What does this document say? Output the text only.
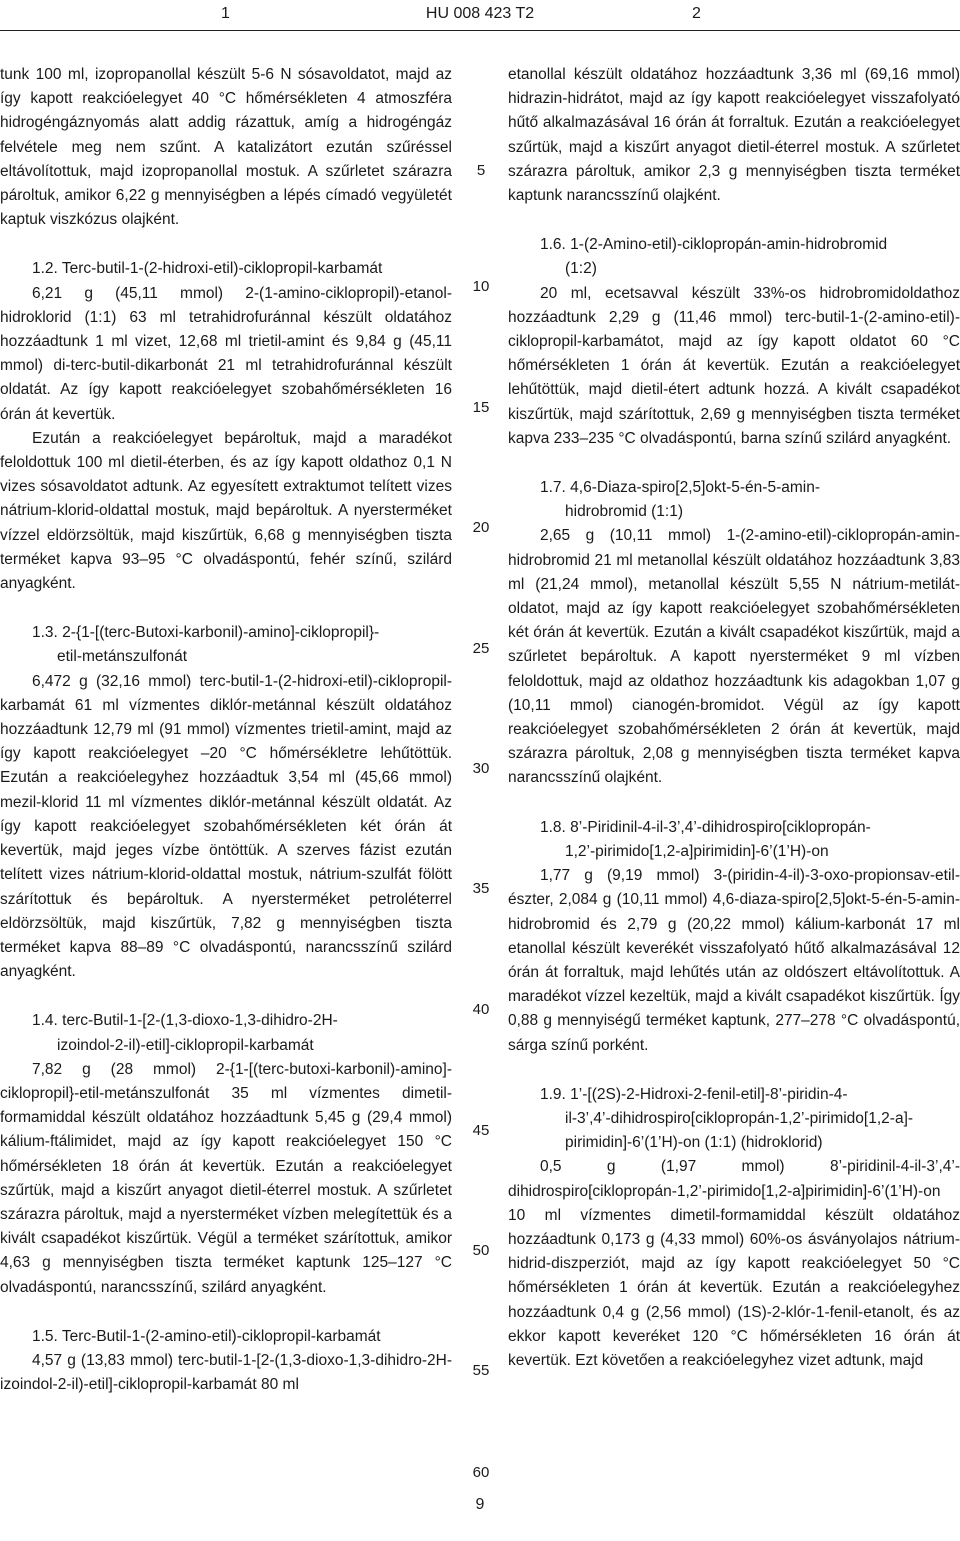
1	HU 008 423 T2	2
5
10
15
20
25
30
35
40
45
50
55
60

tunk 100 ml, izopropanollal készült 5-6 N sósavoldatot, majd az így kapott reakcióelegyet 40 °C hőmérsékleten 4 atmoszféra hidrogéngáznyomás alatt addig rázattuk, amíg a hidrogéngáz felvétele meg nem szűnt. A katalizátort ezután szűréssel eltávolítottuk, majd izopropanollal mostuk. A szűrletet szárazra pároltuk, amikor 6,22 g mennyiségben a lépés címadó vegyületét kaptuk viszkózus olajként.

1.2. Terc-butil-1-(2-hidroxi-etil)-ciklopropil-karbamát

6,21 g (45,11 mmol) 2-(1-amino-ciklopropil)-etanol-hidroklorid (1:1) 63 ml tetrahidrofuránnal készült oldatához hozzáadtunk 1 ml vizet, 12,68 ml trietil-amint és 9,84 g (45,11 mmol) di-terc-butil-dikarbonát 21 ml tetrahidrofuránnal készült oldatát. Az így kapott reakcióelegyet szobahőmérsékleten 16 órán át kevertük.

Ezután a reakcióelegyet bepároltuk, majd a maradékot feloldottuk 100 ml dietil-éterben, és az így kapott oldathoz 0,1 N vizes sósavoldatot adtunk. Az egyesített extraktumot telített vizes nátrium-klorid-oldattal mostuk, majd bepároltuk. A nyersterméket vízzel eldörzsöltük, majd kiszűrtük, 6,68 g mennyiségben tiszta terméket kapva 93–95 °C olvadáspontú, fehér színű, szilárd anyagként.

1.3. 2-{1-[(terc-Butoxi-karbonil)-amino]-ciklopropil}-
etil-metánszulfonát

6,472 g (32,16 mmol) terc-butil-1-(2-hidroxi-etil)-ciklopropil-karbamát 61 ml vízmentes diklór-metánnal készült oldatához hozzáadtunk 12,79 ml (91 mmol) vízmentes trietil-amint, majd az így kapott reakcióelegyet –20 °C hőmérsékletre lehűtöttük. Ezután a reakcióelegyhez hozzáadtuk 3,54 ml (45,66 mmol) mezil-klorid 11 ml vízmentes diklór-metánnal készült oldatát. Az így kapott reakcióelegyet szobahőmérsékleten két órán át kevertük, majd jeges vízbe öntöttük. A szerves fázist ezután telített vizes nátrium-klorid-oldattal mostuk, nátrium-szulfát fölött szárítottuk és bepároltuk. A nyersterméket petroléterrel eldörzsöltük, majd kiszűrtük, 7,82 g mennyiségben tiszta terméket kapva 88–89 °C olvadáspontú, narancsszínű szilárd anyagként.

1.4. terc-Butil-1-[2-(1,3-dioxo-1,3-dihidro-2H-
izoindol-2-il)-etil]-ciklopropil-karbamát

7,82 g (28 mmol) 2-{1-[(terc-butoxi-karbonil)-amino]-ciklopropil}-etil-metánszulfonát 35 ml vízmentes dimetil-formamiddal készült oldatához hozzáadtunk 5,45 g (29,4 mmol) kálium-ftálimidet, majd az így kapott reakcióelegyet 150 °C hőmérsékleten 18 órán át kevertük. Ezután a reakcióelegyet szűrtük, majd a kiszűrt anyagot dietil-éterrel mostuk. A szűrletet szárazra pároltuk, majd a nyersterméket vízben melegítettük és a kivált csapadékot kiszűrtük. Végül a terméket szárítottuk, amikor 4,63 g mennyiségben tiszta terméket kaptunk 125–127 °C olvadáspontú, narancsszínű, szilárd anyagként.

1.5. Terc-Butil-1-(2-amino-etil)-ciklopropil-karbamát

4,57 g (13,83 mmol) terc-butil-1-[2-(1,3-dioxo-1,3-dihidro-2H-izoindol-2-il)-etil]-ciklopropil-karbamát 80 ml

etanollal készült oldatához hozzáadtunk 3,36 ml (69,16 mmol) hidrazin-hidrátot, majd az így kapott reakcióelegyet visszafolyató hűtő alkalmazásával 16 órán át forraltuk. Ezután a reakcióelegyet szűrtük, majd a kiszűrt anyagot dietil-éterrel mostuk. A szűrletet szárazra pároltuk, amikor 2,3 g mennyiségben tiszta terméket kaptunk narancsszínű olajként.

1.6. 1-(2-Amino-etil)-ciklopropán-amin-hidrobromid
(1:2)

20 ml, ecetsavval készült 33%-os hidrobromidoldathoz hozzáadtunk 2,29 g (11,46 mmol) terc-butil-1-(2-amino-etil)-ciklopropil-karbamátot, majd az így kapott oldatot 60 °C hőmérsékleten 1 órán át kevertük. Ezután a reakcióelegyet lehűtöttük, majd dietil-étert adtunk hozzá. A kivált csapadékot kiszűrtük, majd szárítottuk, 2,69 g mennyiségben tiszta terméket kapva 233–235 °C olvadáspontú, barna színű szilárd anyagként.

1.7. 4,6-Diaza-spiro[2,5]okt-5-én-5-amin-
hidrobromid (1:1)

2,65 g (10,11 mmol) 1-(2-amino-etil)-ciklopropán-amin-hidrobromid 21 ml metanollal készült oldatához hozzáadtunk 3,83 ml (21,24 mmol), metanollal készült 5,55 N nátrium-metilát-oldatot, majd az így kapott reakcióelegyet szobahőmérsékleten két órán át kevertük. Ezután a kivált csapadékot kiszűrtük, majd a szűrletet bepároltuk. A kapott nyersterméket 9 ml vízben feloldottuk, majd az oldathoz hozzáadtunk kis adagokban 1,07 g (10,11 mmol) cianogén-bromidot. Végül az így kapott reakcióelegyet szobahőmérsékleten 2 órán át kevertük, majd szárazra pároltuk, 2,08 g mennyiségben tiszta terméket kapva narancsszínű olajként.

1.8. 8’-Piridinil-4-il-3’,4’-dihidrospiro[ciklopropán-
1,2’-pirimido[1,2-a]pirimidin]-6’(1’H)-on

1,77 g (9,19 mmol) 3-(piridin-4-il)-3-oxo-propionsav-etil-észter, 2,084 g (10,11 mmol) 4,6-diaza-spiro[2,5]okt-5-én-5-amin-hidrobromid és 2,79 g (20,22 mmol) kálium-karbonát 17 ml etanollal készült keverékét visszafolyató hűtő alkalmazásával 12 órán át forraltuk, majd lehűtés után az oldószert eltávolítottuk. A maradékot vízzel kezeltük, majd a kivált csapadékot kiszűrtük. Így 0,88 g mennyiségű terméket kaptunk, 277–278 °C olvadáspontú, sárga színű porként.

1.9. 1’-[(2S)-2-Hidroxi-2-fenil-etil]-8’-piridin-4-
il-3’,4’-dihidrospiro[ciklopropán-1,2’-pirimido[1,2-a]-
pirimidin]-6’(1’H)-on (1:1) (hidroklorid)

0,5 g (1,97 mmol) 8’-piridinil-4-il-3’,4’-dihidrospiro[ciklopropán-1,2’-pirimido[1,2-a]pirimidin]-6’(1’H)-on 10 ml vízmentes dimetil-formamiddal készült oldatához hozzáadtunk 0,173 g (4,33 mmol) 60%-os ásványolajos nátrium-hidrid-diszperziót, majd az így kapott reakcióelegyet 50 °C hőmérsékleten 1 órán át kevertük. Ezután a reakcióelegyhez hozzáadtunk 0,4 g (2,56 mmol) (1S)-2-klór-1-fenil-etanolt, és az ekkor kapott keveréket 120 °C hőmérsékleten 16 órán át kevertük. Ezt követően a reakcióelegyhez vizet adtunk, majd

9
